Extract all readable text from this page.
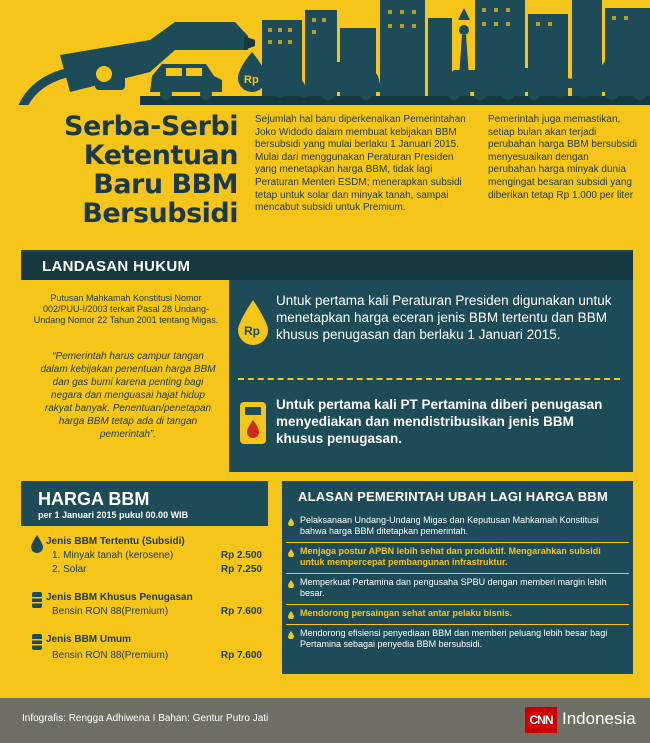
Rp
Serba-Serbi Ketentuan Baru BBM Bersubsidi
Sejumlah hal baru diperkenalkan Pemerintahan Joko Widodo dalam membuat kebijakan BBM bersubsidi yang mulai berlaku 1 Januari 2015. Mulai dari menggunakan Peraturan Presiden yang menetapkan harga BBM, tidak lagi Peraturan Menteri ESDM; menerapkan subsidi tetap untuk solar dan minyak tanah, sampai mencabut subsidi untuk Premium.
Pemerintah juga memastikan, setiap bulan akan terjadi perubahan harga BBM bersubsidi menyesuaikan dengan perubahan harga minyak dunia mengingat besaran subsidi yang diberikan tetap Rp 1.000 per liter
LANDASAN HUKUM
Putusan Mahkamah Konstitusi Nomor 002/PUU-I/2003 terkait Pasal 28 Undang-Undang Nomor 22 Tahun 2001 tentang Migas.
“Pemerintah harus campur tangan dalam kebijakan penentuan harga BBM dan gas bumi karena penting bagi negara dan menguasai hajat hidup rakyat banyak. Penentuan/penetapan harga BBM tetap ada di tangan pemerintah”.
Rp
Untuk pertama kali Peraturan Presiden digunakan untuk menetapkan harga eceran jenis BBM tertentu dan BBM khusus penugasan dan berlaku 1 Januari 2015.
Untuk pertama kali PT Pertamina diberi penugasan menyediakan dan mendistribusikan jenis BBM khusus penugasan.
HARGA BBM
per 1 Januari 2015 pukul 00.00 WIB
Jenis BBM Tertentu (Subsidi)
1. Minyak tanah (kerosene)	Rp 2.500
2. Solar	Rp 7.250
Jenis BBM Khusus Penugasan
Bensin RON 88(Premium)	Rp 7.600
Jenis BBM Umum
Bensin RON 88(Premium)	Rp 7.600
ALASAN PEMERINTAH UBAH LAGI HARGA BBM
Pelaksanaan Undang-Undang Migas dan Keputusan Mahkamah Konstitusi bahwa harga BBM ditetapkan pemerintah.
Menjaga postur APBN lebih sehat dan produktif. Mengarahkan subsidi untuk mempercepat pembangunan infrastruktur.
Memperkuat Pertamina dan pengusaha SPBU dengan memberi margin lebih besar.
Mendorong persaingan sehat antar pelaku bisnis.
Mendorong efisiensi penyediaan BBM dan memberi peluang lebih besar bagi Pertamina sebagai penyedia BBM bersubsidi.
Infografis: Rengga Adhiwena I Bahan: Gentur Putro Jati	CNN Indonesia
